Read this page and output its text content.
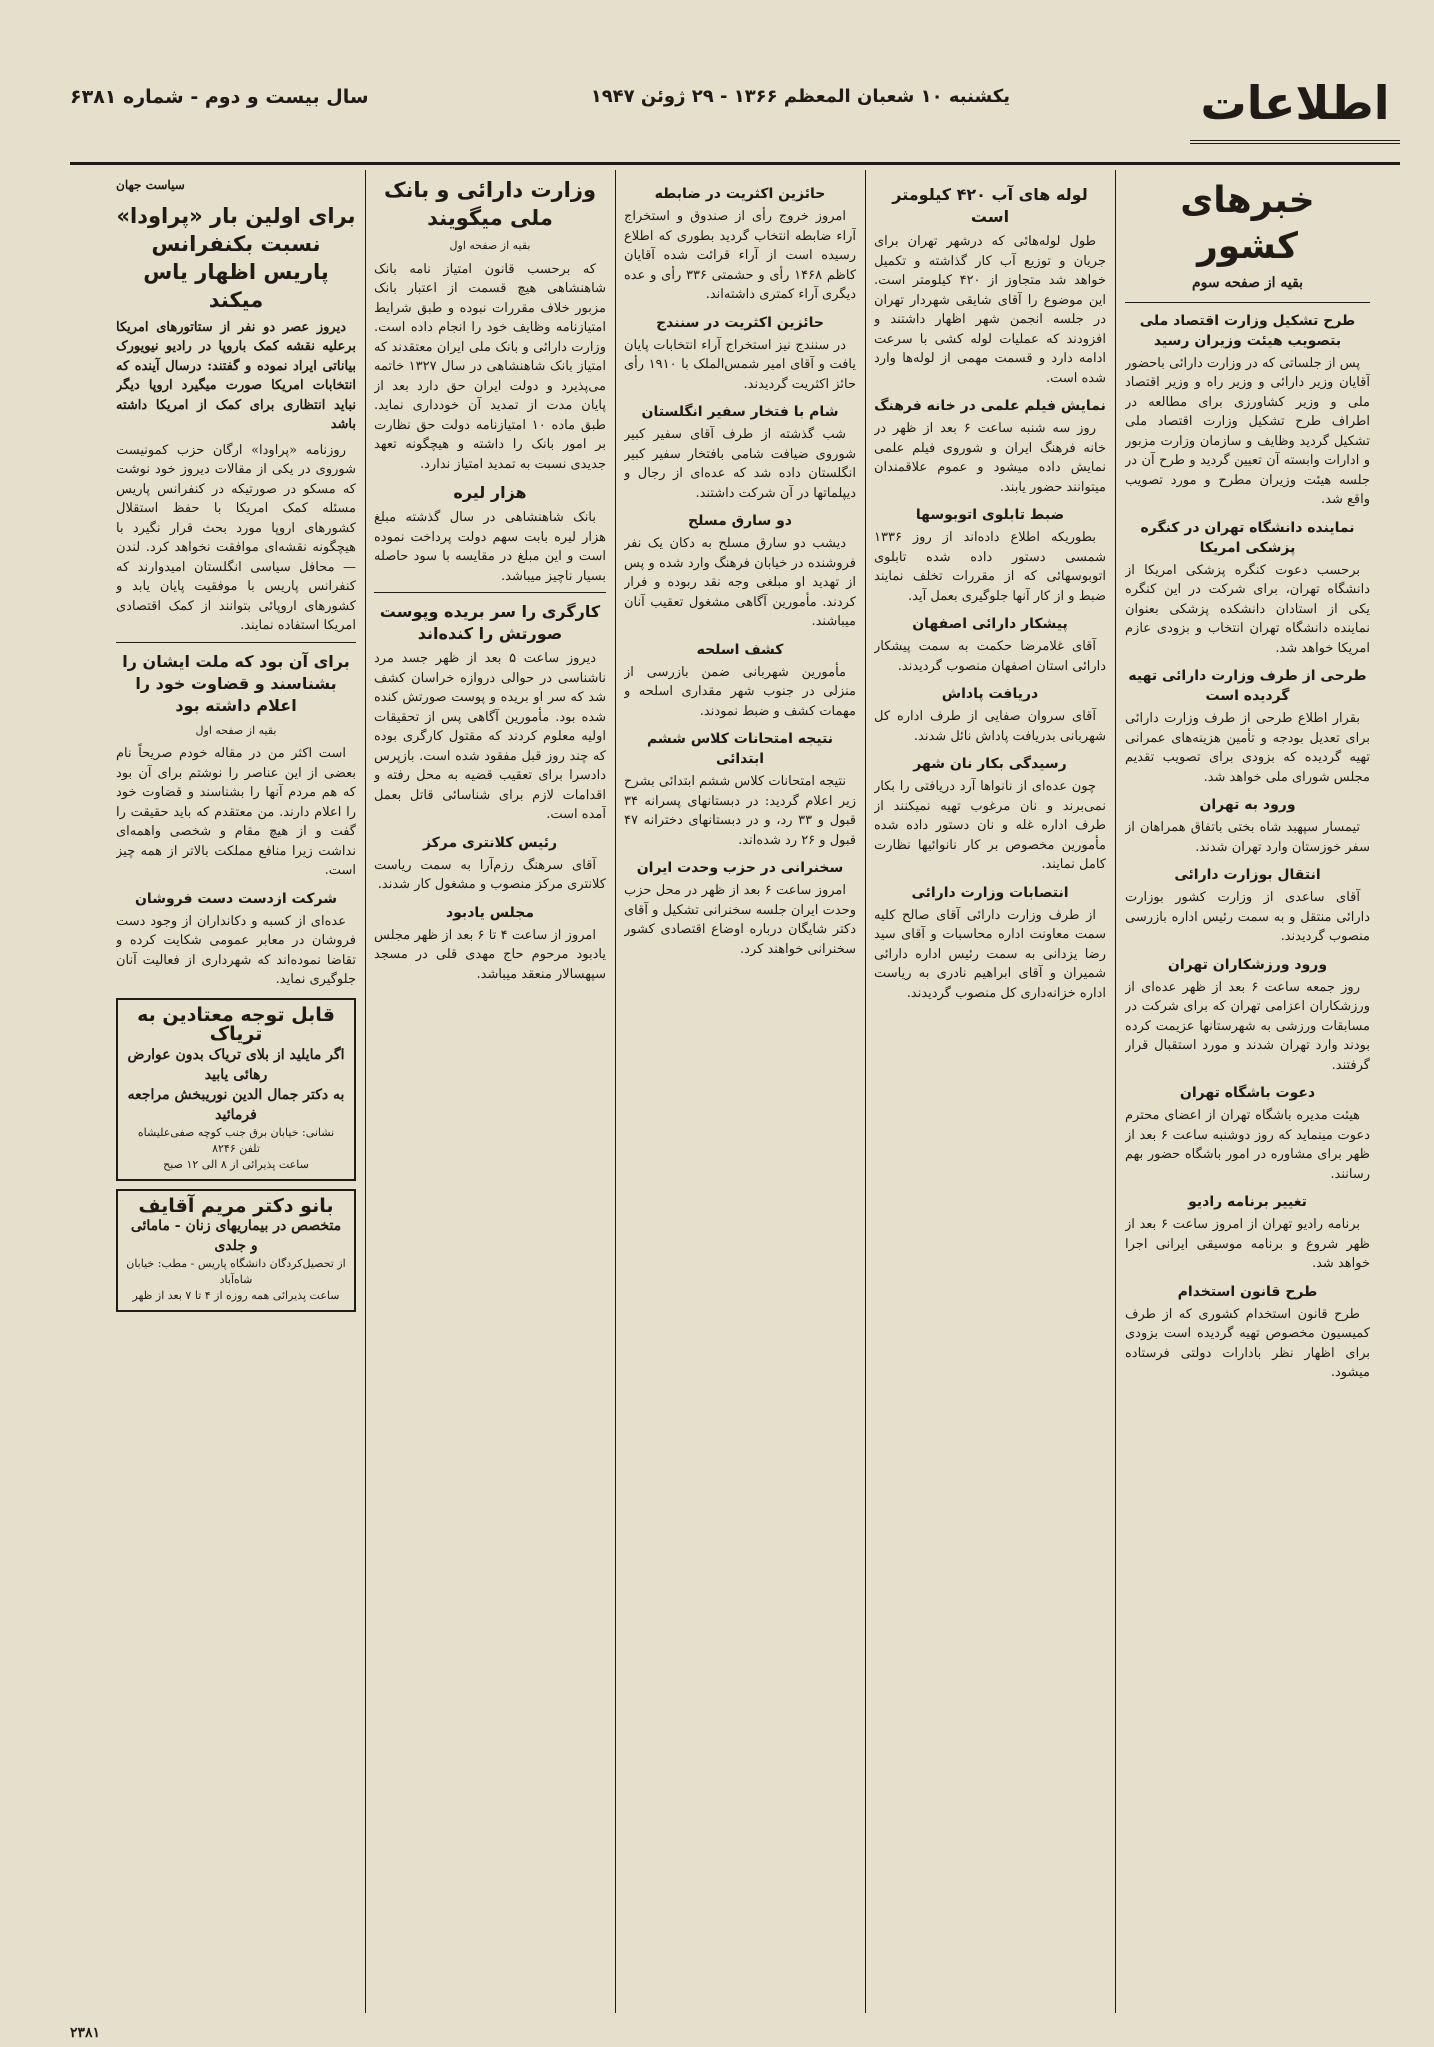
اطلاعات
یکشنبه ۱۰ شعبان المعظم ۱۳۶۶ - ۲۹ ژوئن ۱۹۴۷
سال بیست و دوم - شماره ۶۳۸۱
خبرهای کشور
بقیه از صفحه سوم
طرح تشکیل وزارت اقتصاد ملی بتصویب هیئت وزیران رسید

پس از جلساتی که در وزارت دارائی باحضور آقایان وزیر دارائی و وزیر راه و وزیر اقتصاد ملی و وزیر کشاورزی برای مطالعه در اطراف طرح تشکیل وزارت اقتصاد ملی تشکیل گردید وظایف و سازمان وزارت مزبور و ادارات وابسته آن تعیین گردید و طرح آن در جلسه هیئت وزیران مطرح و مورد تصویب واقع شد.

نماینده دانشگاه تهران در کنگره پزشکی امریکا

برحسب دعوت کنگره پزشکی امریکا از دانشگاه تهران، برای شرکت در این کنگره یکی از استادان دانشکده پزشکی بعنوان نماینده دانشگاه تهران انتخاب و بزودی عازم امریکا خواهد شد.

طرحی از طرف وزارت دارائی تهیه گردیده است

بقرار اطلاع طرحی از طرف وزارت دارائی برای تعدیل بودجه و تأمین هزینه‌های عمرانی تهیه گردیده که بزودی برای تصویب تقدیم مجلس شورای ملی خواهد شد.

ورود به تهران

تیمسار سپهبد شاه بختی باتفاق همراهان از سفر خوزستان وارد تهران شدند.

انتقال بوزارت دارائی

آقای ساعدی از وزارت کشور بوزارت دارائی منتقل و به سمت رئیس اداره بازرسی منصوب گردیدند.

ورود ورزشکاران تهران

روز جمعه ساعت ۶ بعد از ظهر عده‌ای از ورزشکاران اعزامی تهران که برای شرکت در مسابقات ورزشی به شهرستانها عزیمت کرده بودند وارد تهران شدند و مورد استقبال قرار گرفتند.

دعوت باشگاه تهران

هیئت مدیره باشگاه تهران از اعضای محترم دعوت مینماید که روز دوشنبه ساعت ۶ بعد از ظهر برای مشاوره در امور باشگاه حضور بهم رسانند.

تغییر برنامه رادیو

برنامه رادیو تهران از امروز ساعت ۶ بعد از ظهر شروع و برنامه موسیقی ایرانی اجرا خواهد شد.

طرح قانون استخدام

طرح قانون استخدام کشوری که از طرف کمیسیون مخصوص تهیه گردیده است بزودی برای اظهار نظر بادارات دولتی فرستاده میشود.

لوله های آب ۴۲۰ کیلومتر است

طول لوله‌هائی که درشهر تهران برای جریان و توزیع آب کار گذاشته و تکمیل خواهد شد متجاوز از ۴۲۰ کیلومتر است. این موضوع را آقای شایقی شهردار تهران در جلسه انجمن شهر اظهار داشتند و افزودند که عملیات لوله کشی با سرعت ادامه دارد و قسمت مهمی از لوله‌ها وارد شده است.

نمایش فیلم علمی در خانه فرهنگ

روز سه شنبه ساعت ۶ بعد از ظهر در خانه فرهنگ ایران و شوروی فیلم علمی نمایش داده میشود و عموم علاقمندان میتوانند حضور یابند.

ضبط تابلوی اتوبوسها

بطوریکه اطلاع داده‌اند از روز ۱۳۳۶ شمسی دستور داده شده تابلوی اتوبوسهائی که از مقررات تخلف نمایند ضبط و از کار آنها جلوگیری بعمل آید.

پیشکار دارائی اصفهان

آقای غلامرضا حکمت به سمت پیشکار دارائی استان اصفهان منصوب گردیدند.

دریافت پاداش

آقای سروان صفایی از طرف اداره کل شهربانی بدریافت پاداش نائل شدند.

رسیدگی بکار نان شهر

چون عده‌ای از نانواها آرد دریافتی را بکار نمی‌برند و نان مرغوب تهیه نمیکنند از طرف اداره غله و نان دستور داده شده مأمورین مخصوص بر کار نانوائیها نظارت کامل نمایند.

انتصابات وزارت دارائی

از طرف وزارت دارائی آقای صالح کلیه سمت معاونت اداره محاسبات و آقای سید رضا یزدانی به سمت رئیس اداره دارائی شمیران و آقای ابراهیم نادری به ریاست اداره خزانه‌داری کل منصوب گردیدند.

حائزین اکثریت در ضابطه

امروز خروج رأی از صندوق و استخراج آراء ضابطه انتخاب گردید بطوری که اطلاع رسیده است از آراء قرائت شده آقایان کاظم ۱۴۶۸ رأی و حشمتی ۳۳۶ رأی و عده دیگری آراء کمتری داشته‌اند.

حائزین اکثریت در سنندج

در سنندج نیز استخراج آراء انتخابات پایان یافت و آقای امیر شمس‌الملک با ۱۹۱۰ رأی حائز اکثریت گردیدند.

شام با فتخار سفیر انگلستان

شب گذشته از طرف آقای سفیر کبیر شوروی ضیافت شامی بافتخار سفیر کبیر انگلستان داده شد که عده‌ای از رجال و دیپلماتها در آن شرکت داشتند.

دو سارق مسلح

دیشب دو سارق مسلح به دکان یک نفر فروشنده در خیابان فرهنگ وارد شده و پس از تهدید او مبلغی وجه نقد ربوده و فرار کردند. مأمورین آگاهی مشغول تعقیب آنان میباشند.

کشف اسلحه

مأمورین شهربانی ضمن بازرسی از منزلی در جنوب شهر مقداری اسلحه و مهمات کشف و ضبط نمودند.

نتیجه امتحانات کلاس ششم ابتدائی

نتیجه امتحانات کلاس ششم ابتدائی بشرح زیر اعلام گردید: در دبستانهای پسرانه ۳۴ قبول و ۳۳ رد، و در دبستانهای دخترانه ۴۷ قبول و ۲۶ رد شده‌اند.

سخنرانی در حزب وحدت ایران

امروز ساعت ۶ بعد از ظهر در محل حزب وحدت ایران جلسه سخنرانی تشکیل و آقای دکتر شایگان درباره اوضاع اقتصادی کشور سخنرانی خواهند کرد.

وزارت دارائی و بانک ملی میگویند
بقیه از صفحه اول

که برحسب قانون امتیاز نامه بانک شاهنشاهی هیچ قسمت از اعتبار بانک مزبور خلاف مقررات نبوده و طبق شرایط امتیازنامه وظایف خود را انجام داده است. وزارت دارائی و بانک ملی ایران معتقدند که امتیاز بانک شاهنشاهی در سال ۱۳۲۷ خاتمه می‌پذیرد و دولت ایران حق دارد بعد از پایان مدت از تمدید آن خودداری نماید. طبق ماده ۱۰ امتیازنامه دولت حق نظارت بر امور بانک را داشته و هیچگونه تعهد جدیدی نسبت به تمدید امتیاز ندارد.

هزار لیره

بانک شاهنشاهی در سال گذشته مبلغ هزار لیره بابت سهم دولت پرداخت نموده است و این مبلغ در مقایسه با سود حاصله بسیار ناچیز میباشد.

کارگری را سر بریده وپوست صورتش را کنده‌اند

دیروز ساعت ۵ بعد از ظهر جسد مرد ناشناسی در حوالی دروازه خراسان کشف شد که سر او بریده و پوست صورتش کنده شده بود. مأمورین آگاهی پس از تحقیقات اولیه معلوم کردند که مقتول کارگری بوده که چند روز قبل مفقود شده است. بازپرس دادسرا برای تعقیب قضیه به محل رفته و اقدامات لازم برای شناسائی قاتل بعمل آمده است.

رئیس کلانتری مرکز

آقای سرهنگ رزم‌آرا به سمت ریاست کلانتری مرکز منصوب و مشغول کار شدند.

مجلس یادبود

امروز از ساعت ۴ تا ۶ بعد از ظهر مجلس یادبود مرحوم حاج مهدی قلی در مسجد سپهسالار منعقد میباشد.

سیاست جهان
برای اولین بار «پراودا» نسبت بکنفرانس پاریس اظهار یاس میکند

دیروز عصر دو نفر از ستاتورهای امریکا برعلیه نقشه کمک باروپا در رادیو نیویورک بیاناتی ایراد نموده و گفتند: درسال آینده که انتخابات امریکا صورت میگیرد اروپا دیگر نباید انتظاری برای کمک از امریکا داشته باشد

روزنامه «پراودا» ارگان حزب کمونیست شوروی در یکی از مقالات دیروز خود نوشت که مسکو در صورتیکه در کنفرانس پاریس مسئله کمک امریکا با حفظ استقلال کشورهای اروپا مورد بحث قرار نگیرد با هیچگونه نقشه‌ای موافقت نخواهد کرد. لندن — محافل سیاسی انگلستان امیدوارند که کنفرانس پاریس با موفقیت پایان یابد و کشورهای اروپائی بتوانند از کمک اقتصادی امریکا استفاده نمایند.

برای آن بود که ملت ایشان را بشناسند و قضاوت خود را اعلام داشته بود
بقیه از صفحه اول

است اکثر من در مقاله خودم صریحاً نام بعضی از این عناصر را نوشتم برای آن بود که هم مردم آنها را بشناسند و قضاوت خود را اعلام دارند. من معتقدم که باید حقیقت را گفت و از هیچ مقام و شخصی واهمه‌ای نداشت زیرا منافع مملکت بالاتر از همه چیز است.

شرکت ازدست دست فروشان

عده‌ای از کسبه و دکانداران از وجود دست فروشان در معابر عمومی شکایت کرده و تقاضا نموده‌اند که شهرداری از فعالیت آنان جلوگیری نماید.

قابل توجه معتادین به تریاک
اگر مایلید از بلای تریاک بدون عوارض رهائی یابید
به دکتر جمال الدین نوریبخش مراجعه فرمائید
نشانی: خیابان برق جنب کوچه صفی‌علیشاه تلفن ۸۲۴۶
ساعت پذیرائی از ۸ الی ۱۲ صبح
بانو دکتر مریم آقایف
متخصص در بیماریهای زنان - مامائی و جلدی
از تحصیل‌کردگان دانشگاه پاریس - مطب: خیابان شاه‌آباد
ساعت پذیرائی همه روزه از ۴ تا ۷ بعد از ظهر
۲۳۸۱
